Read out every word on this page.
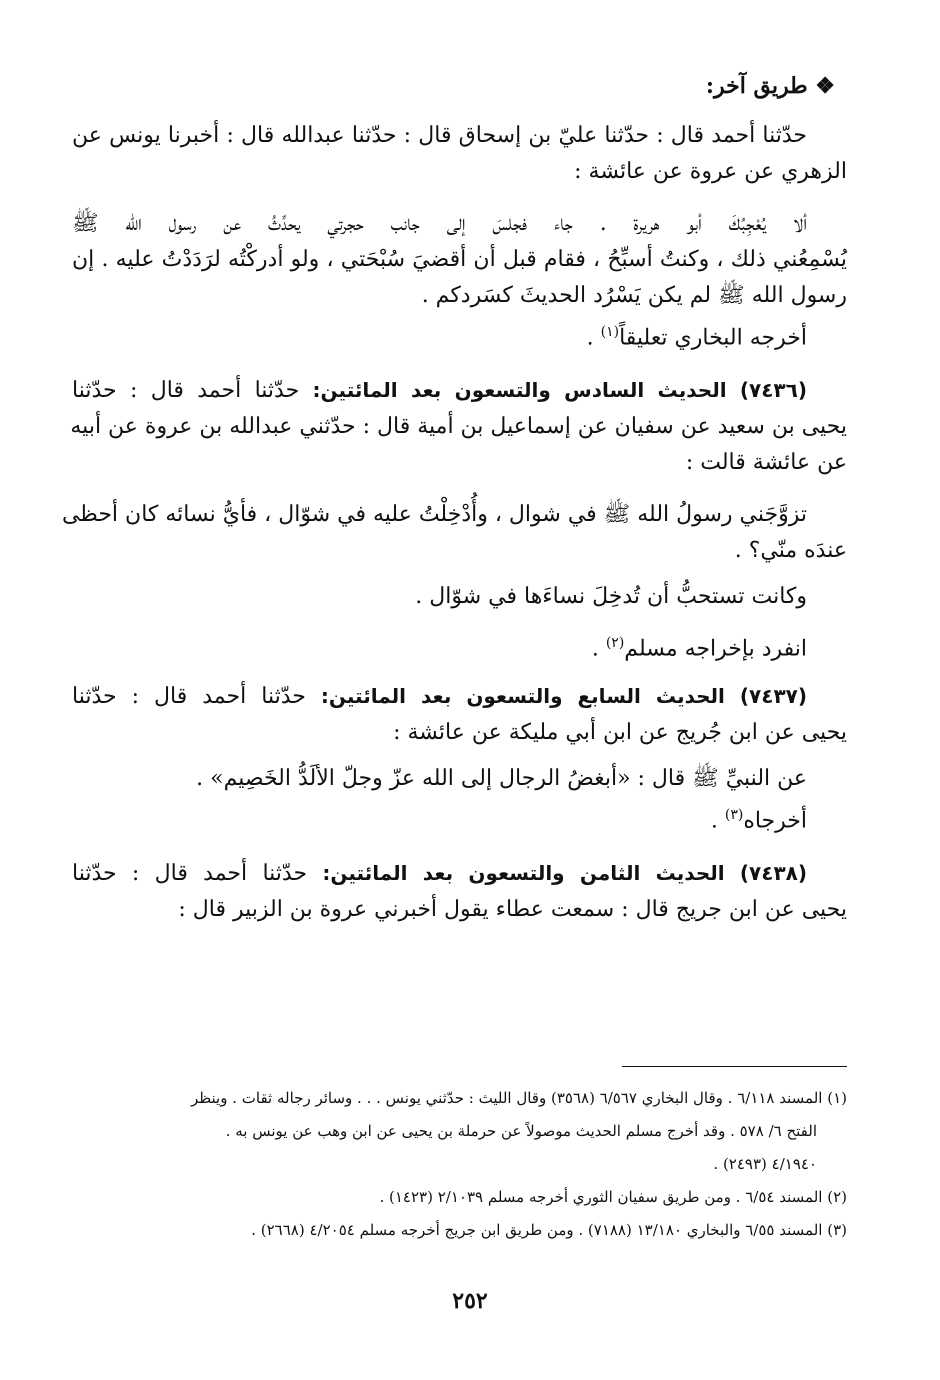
❖ طريق آخر:
حدّثنا أحمد قال : حدّثنا عليّ بن إسحاق قال : حدّثنا عبدالله قال : أخبرنا يونس عن
الزهري عن عروة عن عائشة :
ألا يُعْجِبُكَ أبو هريرة . جاء فجلسَ إلى جانب حجرتي يحدِّثُ عن رسول الله ﷺ
يُسْمِعُني ذلك ، وكنتُ أسبِّحُ ، فقام قبل أن أقضيَ سُبْحَتي ، ولو أدركْتُه لرَدَدْتُ عليه . إن
رسول الله ﷺ لم يكن يَسْرُد الحديثَ كسَردكم .
أخرجه البخاري تعليقاً$^{(١)}$ .
(٧٤٣٦) الحديث السادس والتسعون بعد المائتين: حدّثنا أحمد قال : حدّثنا
يحيى بن سعيد عن سفيان عن إسماعيل بن أمية قال : حدّثني عبدالله بن عروة عن أبيه
عن عائشة قالت :
تزوَّجَني رسولُ الله ﷺ في شوال ، وأُدْخِلْتُ عليه في شوّال ، فأيُّ نسائه كان أحظى
عندَه منّي؟ .
وكانت تستحبُّ أن تُدخِلَ نساءَها في شوّال .
انفرد بإخراجه مسلم$^{(٢)}$ .
(٧٤٣٧) الحديث السابع والتسعون بعد المائتين: حدّثنا أحمد قال : حدّثنا
يحيى عن ابن جُريج عن ابن أبي مليكة عن عائشة :
عن النبيِّ ﷺ قال : «أبغضُ الرجال إلى الله عزّ وجلّ الألَدُّ الخَصِيم» .
أخرجاه$^{(٣)}$ .
(٧٤٣٨) الحديث الثامن والتسعون بعد المائتين: حدّثنا أحمد قال : حدّثنا
يحيى عن ابن جريج قال : سمعت عطاء يقول أخبرني عروة بن الزبير قال :
(١) المسند ٦/١١٨ . وقال البخاري ٦/٥٦٧ (٣٥٦٨) وقال الليث : حدّثني يونس . . . وسائر رجاله ثقات . وينظر
الفتح ٦/ ٥٧٨ . وقد أخرج مسلم الحديث موصولاً عن حرملة بن يحيى عن ابن وهب عن يونس به .
٤/١٩٤٠ (٢٤٩٣) .
(٢) المسند ٦/٥٤ . ومن طريق سفيان الثوري أخرجه مسلم ٢/١٠٣٩ (١٤٢٣) .
(٣) المسند ٦/٥٥ والبخاري ١٣/١٨٠ (٧١٨٨) . ومن طريق ابن جريج أخرجه مسلم ٤/٢٠٥٤ (٢٦٦٨) .
٢٥٢
